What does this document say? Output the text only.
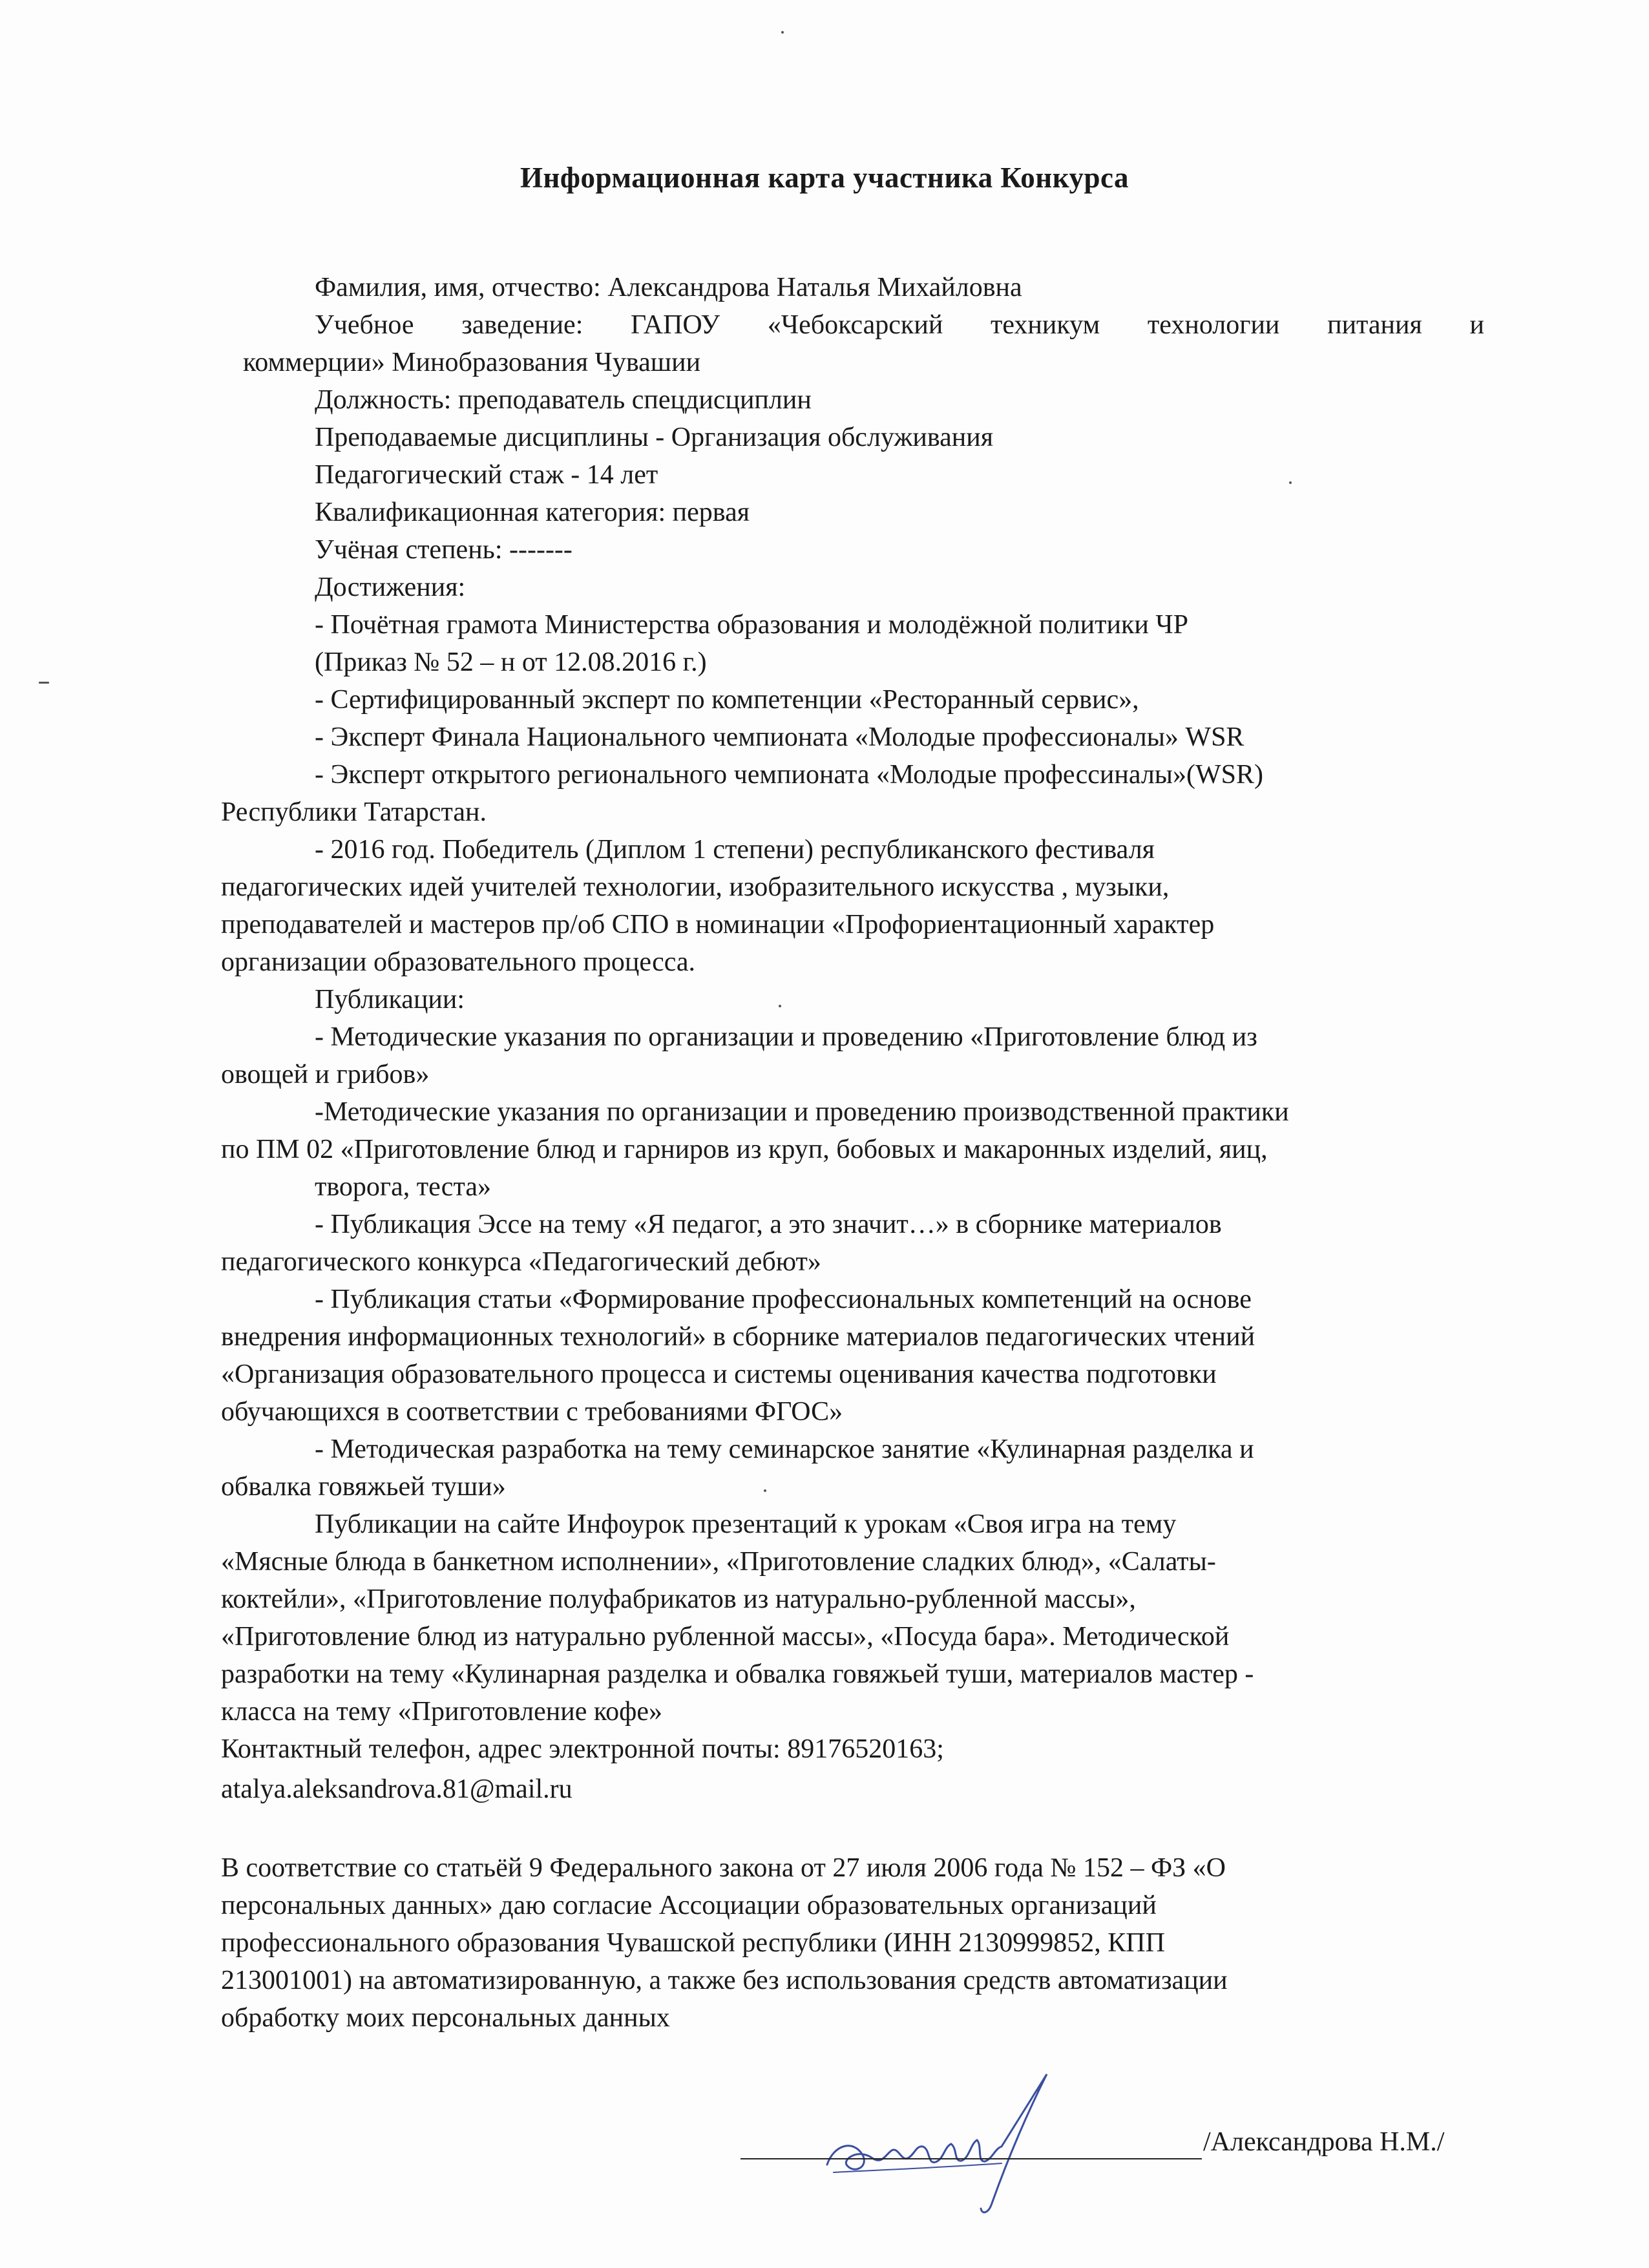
Информационная карта участника Конкурса
Фамилия, имя, отчество: Александрова Наталья Михайловна
Учебное заведение: ГАПОУ «Чебоксарский техникум технологии питания и
коммерции» Минобразования Чувашии
Должность: преподаватель спецдисциплин
Преподаваемые дисциплины - Организация обслуживания
Педагогический стаж - 14 лет
Квалификационная категория: первая
Учёная степень: -------
Достижения:
- Почётная грамота Министерства образования и молодёжной политики ЧР
(Приказ № 52 – н от 12.08.2016 г.)
- Сертифицированный эксперт по компетенции «Ресторанный сервис»,
- Эксперт Финала Национального чемпионата «Молодые профессионалы» WSR
- Эксперт открытого регионального чемпионата «Молодые профессиналы»(WSR)
Республики Татарстан.
- 2016 год. Победитель (Диплом 1 степени) республиканского фестиваля
педагогических идей учителей технологии, изобразительного искусства , музыки,
преподавателей и мастеров пр/об СПО в номинации «Профориентационный характер
организации образовательного процесса.
Публикации:
- Методические указания по организации и проведению «Приготовление блюд из
овощей и грибов»
-Методические указания по организации и проведению производственной практики
по ПМ 02 «Приготовление блюд и гарниров из круп, бобовых и макаронных изделий, яиц,
творога, теста»
- Публикация Эссе на тему «Я педагог, а это значит…» в сборнике материалов
педагогического конкурса «Педагогический дебют»
- Публикация статьи «Формирование профессиональных компетенций на основе
внедрения информационных технологий» в сборнике материалов педагогических чтений
«Организация образовательного процесса и системы оценивания качества подготовки
обучающихся в соответствии с требованиями ФГОС»
- Методическая разработка на тему семинарское занятие «Кулинарная разделка и
обвалка говяжьей туши»
Публикации на сайте Инфоурок презентаций к урокам «Своя игра на тему
«Мясные блюда в банкетном исполнении», «Приготовление сладких блюд», «Салаты-
коктейли», «Приготовление полуфабрикатов из натурально-рубленной массы»,
«Приготовление блюд из натурально рубленной массы», «Посуда бара». Методической
разработки на тему «Кулинарная разделка и обвалка говяжьей туши, материалов мастер -
класса на тему «Приготовление кофе»
Контактный телефон, адрес электронной почты: 89176520163;
atalya.aleksandrova.81@mail.ru
В соответствие со статьёй 9 Федерального закона от 27 июля 2006 года № 152 – ФЗ «О
персональных данных» даю согласие Ассоциации образовательных организаций
профессионального образования Чувашской республики (ИНН 2130999852, КПП
213001001) на автоматизированную, а также без использования средств автоматизации
обработку моих персональных данных
/Александрова Н.М./
